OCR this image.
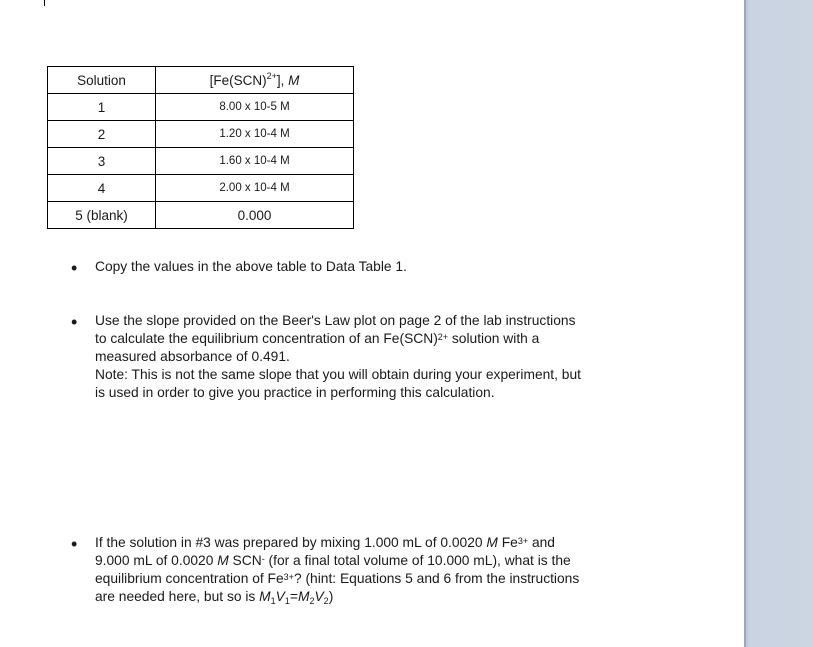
Solution	[Fe(SCN)$^{2+}$], M
1	8.00 x 10-5 M
2	1.20 x 10-4 M
3	1.60 x 10-4 M
4	2.00 x 10-4 M
5 (blank)	0.000
• Copy the values in the above table to Data Table 1.
• Use the slope provided on the Beer's Law plot on page 2 of the lab instructions
to calculate the equilibrium concentration of an Fe(SCN)$^{2+}$ solution with a
measured absorbance of 0.491.
Note: This is not the same slope that you will obtain during your experiment, but
is used in order to give you practice in performing this calculation.
• If the solution in #3 was prepared by mixing 1.000 mL of 0.0020 M $Fe^{3+}$ and
9.000 mL of 0.0020 M SCN- (for a final total volume of 10.000 mL), what is the
equilibrium concentration of $Fe^{3+}$? (hint: Equations 5 and 6 from the instructions
are needed here, but so is $M_1V_1=M_2V_2$)
